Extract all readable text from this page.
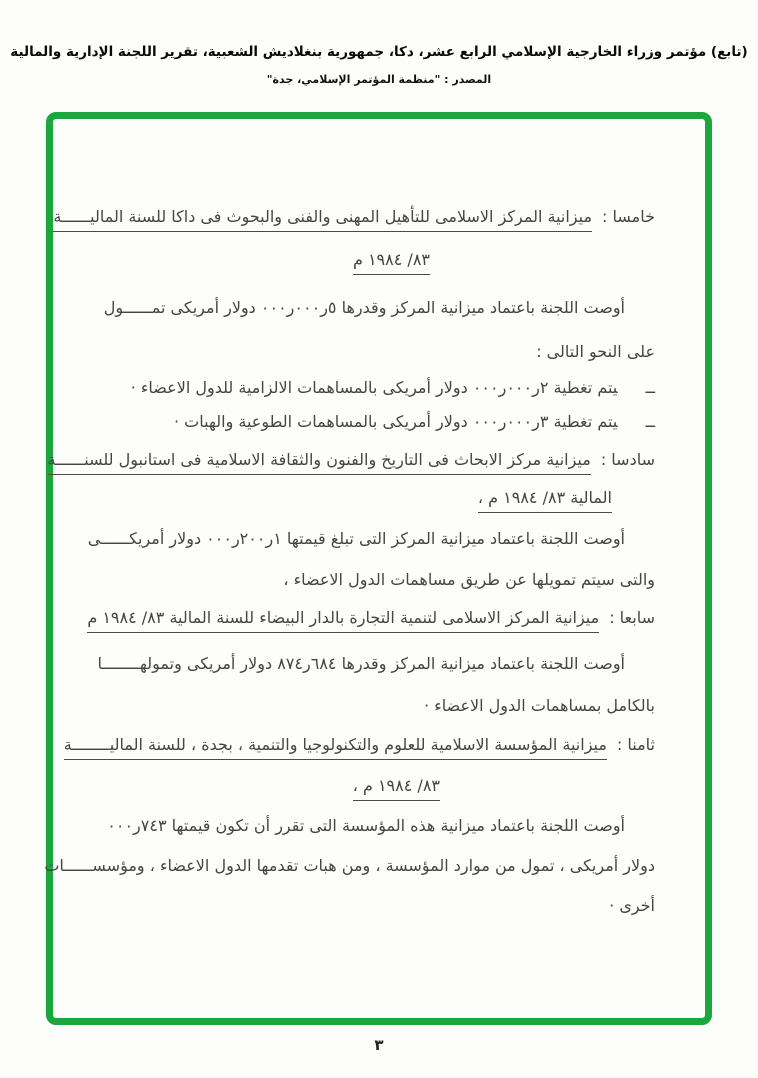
(تابع) مؤتمر وزراء الخارجية الإسلامي الرابع عشر، دكا، جمهورية بنغلاديش الشعبية، تقرير اللجنة الإدارية والمالية
المصدر : "منظمة المؤتمر الإسلامي، جدة"
خامسا :ميزانية المركز الاسلامى للتأهيل المهنى والفنى والبحوث فى داكا للسنة الماليــــــة
٨٣/ ١٩٨٤ م
أوصت اللجنة باعتماد ميزانية المركز وقدرها ٥ر٠٠٠ر٠٠٠ دولار أمريكى تمــــــول
على النحو التالى :
ــيتم تغطية ٢ر٠٠٠ر٠٠٠ دولار أمريكى بالمساهمات الالزامية للدول الاعضاء ·
ــيتم تغطية ٣ر٠٠٠ر٠٠٠ دولار أمريكى بالمساهمات الطوعية والهبات ·
سادسا :ميزانية مركز الابحاث فى التاريخ والفنون والثقافة الاسلامية فى استانبول للسنــــــة
المالية ٨٣/ ١٩٨٤ م ،
أوصت اللجنة باعتماد ميزانية المركز التى تبلغ قيمتها ١ر٢٠٠ر٠٠٠ دولار أمريكــــــى
والتى سيتم تمويلها عن طريق مساهمات الدول الاعضاء ،
سابعا :ميزانية المركز الاسلامى لتنمية التجارة بالدار البيضاء للسنة المالية ٨٣/ ١٩٨٤ م
أوصت اللجنة باعتماد ميزانية المركز وقدرها ٦٨٤ر٨٧٤ دولار أمريكى وتمولهــــــــا
بالكامل بمساهمات الدول الاعضاء ·
ثامنا :ميزانية المؤسسة الاسلامية للعلوم والتكنولوجيا والتنمية ، بجدة ، للسنة الماليــــــــة
٨٣/ ١٩٨٤ م ،
أوصت اللجنة باعتماد ميزانية هذه المؤسسة التى تقرر أن تكون قيمتها ٧٤٣ر٠٠٠
دولار أمريكى ، تمول من موارد المؤسسة ، ومن هبات تقدمها الدول الاعضاء ، ومؤسســــــات
أخرى ·
٣
